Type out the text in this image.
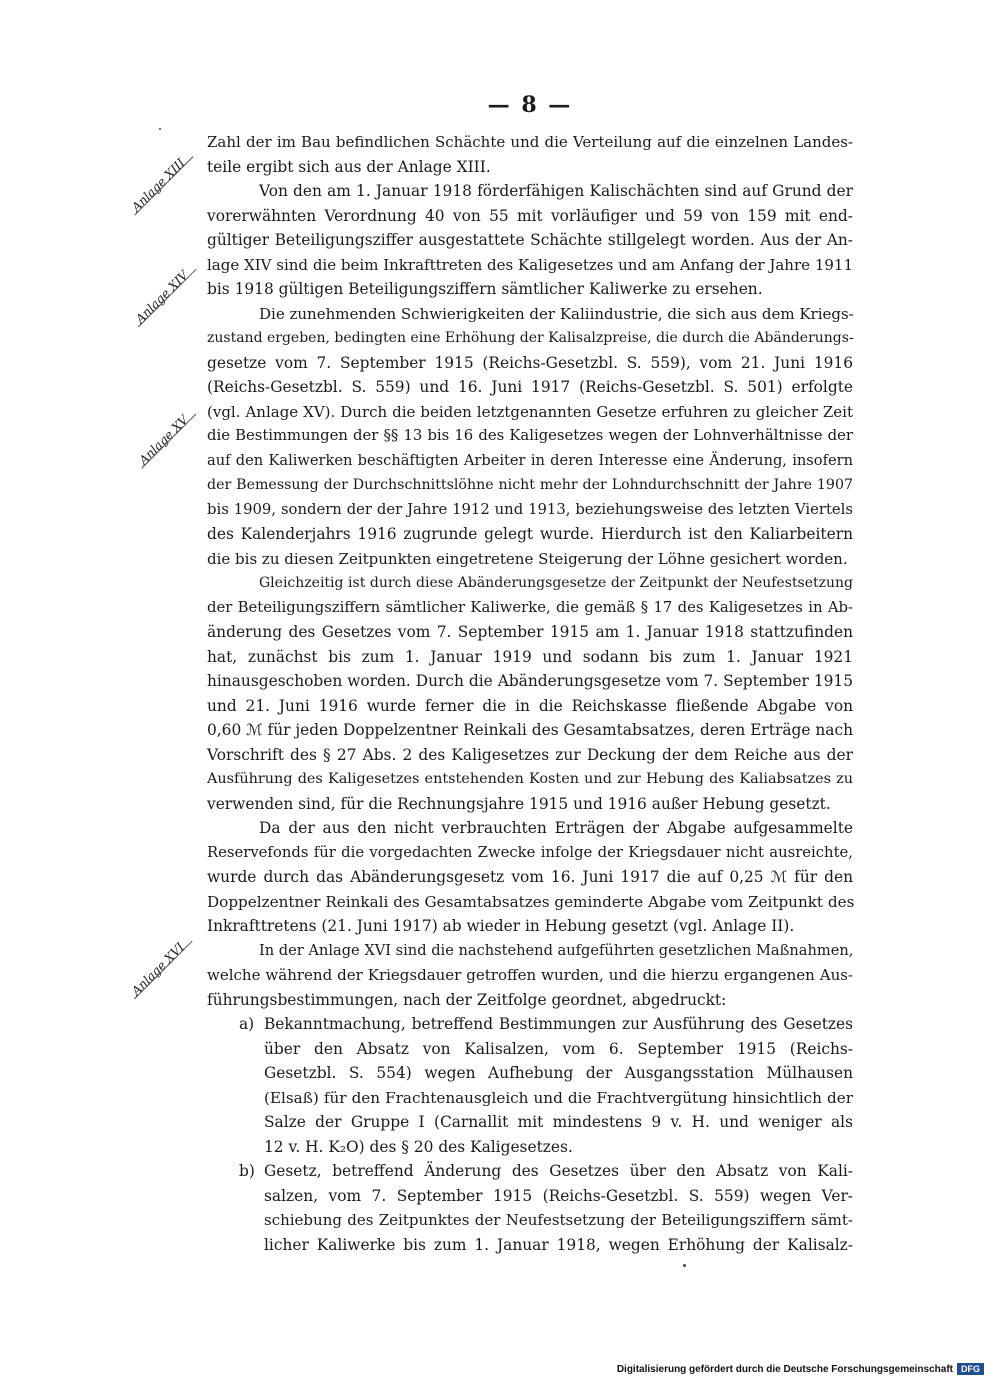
— 8 —
Anlage XIII
Anlage XIV
Anlage XV
Anlage XVI
Zahl der im Bau befindlichen Schächte und die Verteilung auf die einzelnen Landes-
teile ergibt sich aus der Anlage XIII.
Von den am 1. Januar 1918 förderfähigen Kalischächten sind auf Grund der
vorerwähnten Verordnung 40 von 55 mit vorläufiger und 59 von 159 mit end-
gültiger Beteiligungsziffer ausgestattete Schächte stillgelegt worden. Aus der An-
lage XIV sind die beim Inkrafttreten des Kaligesetzes und am Anfang der Jahre 1911
bis 1918 gültigen Beteiligungsziffern sämtlicher Kaliwerke zu ersehen.
Die zunehmenden Schwierigkeiten der Kaliindustrie, die sich aus dem Kriegs-
zustand ergeben, bedingten eine Erhöhung der Kalisalzpreise, die durch die Abänderungs-
gesetze vom 7. September 1915 (Reichs-Gesetzbl. S. 559), vom 21. Juni 1916
(Reichs-Gesetzbl. S. 559) und 16. Juni 1917 (Reichs-Gesetzbl. S. 501) erfolgte
(vgl. Anlage XV). Durch die beiden letztgenannten Gesetze erfuhren zu gleicher Zeit
die Bestimmungen der §§ 13 bis 16 des Kaligesetzes wegen der Lohnverhältnisse der
auf den Kaliwerken beschäftigten Arbeiter in deren Interesse eine Änderung, insofern
der Bemessung der Durchschnittslöhne nicht mehr der Lohndurchschnitt der Jahre 1907
bis 1909, sondern der der Jahre 1912 und 1913, beziehungsweise des letzten Viertels
des Kalenderjahrs 1916 zugrunde gelegt wurde. Hierdurch ist den Kaliarbeitern
die bis zu diesen Zeitpunkten eingetretene Steigerung der Löhne gesichert worden.
Gleichzeitig ist durch diese Abänderungsgesetze der Zeitpunkt der Neufestsetzung
der Beteiligungsziffern sämtlicher Kaliwerke, die gemäß § 17 des Kaligesetzes in Ab-
änderung des Gesetzes vom 7. September 1915 am 1. Januar 1918 stattzufinden
hat, zunächst bis zum 1. Januar 1919 und sodann bis zum 1. Januar 1921
hinausgeschoben worden. Durch die Abänderungsgesetze vom 7. September 1915
und 21. Juni 1916 wurde ferner die in die Reichskasse fließende Abgabe von
0,60 ℳ für jeden Doppelzentner Reinkali des Gesamtabsatzes, deren Erträge nach
Vorschrift des § 27 Abs. 2 des Kaligesetzes zur Deckung der dem Reiche aus der
Ausführung des Kaligesetzes entstehenden Kosten und zur Hebung des Kaliabsatzes zu
verwenden sind, für die Rechnungsjahre 1915 und 1916 außer Hebung gesetzt.
Da der aus den nicht verbrauchten Erträgen der Abgabe aufgesammelte
Reservefonds für die vorgedachten Zwecke infolge der Kriegsdauer nicht ausreichte,
wurde durch das Abänderungsgesetz vom 16. Juni 1917 die auf 0,25 ℳ für den
Doppelzentner Reinkali des Gesamtabsatzes geminderte Abgabe vom Zeitpunkt des
Inkrafttretens (21. Juni 1917) ab wieder in Hebung gesetzt (vgl. Anlage II).
In der Anlage XVI sind die nachstehend aufgeführten gesetzlichen Maßnahmen,
welche während der Kriegsdauer getroffen wurden, und die hierzu ergangenen Aus-
führungsbestimmungen, nach der Zeitfolge geordnet, abgedruckt:
a) Bekanntmachung, betreffend Bestimmungen zur Ausführung des Gesetzes
über den Absatz von Kalisalzen, vom 6. September 1915 (Reichs-
Gesetzbl. S. 554) wegen Aufhebung der Ausgangsstation Mülhausen
(Elsaß) für den Frachtenausgleich und die Frachtvergütung hinsichtlich der
Salze der Gruppe I (Carnallit mit mindestens 9 v. H. und weniger als
12 v. H. K₂O) des § 20 des Kaligesetzes.
b) Gesetz, betreffend Änderung des Gesetzes über den Absatz von Kali-
salzen, vom 7. September 1915 (Reichs-Gesetzbl. S. 559) wegen Ver-
schiebung des Zeitpunktes der Neufestsetzung der Beteiligungsziffern sämt-
licher Kaliwerke bis zum 1. Januar 1918, wegen Erhöhung der Kalisalz-
Digitalisierung gefördert durch die Deutsche Forschungsgemeinschaft DFG
